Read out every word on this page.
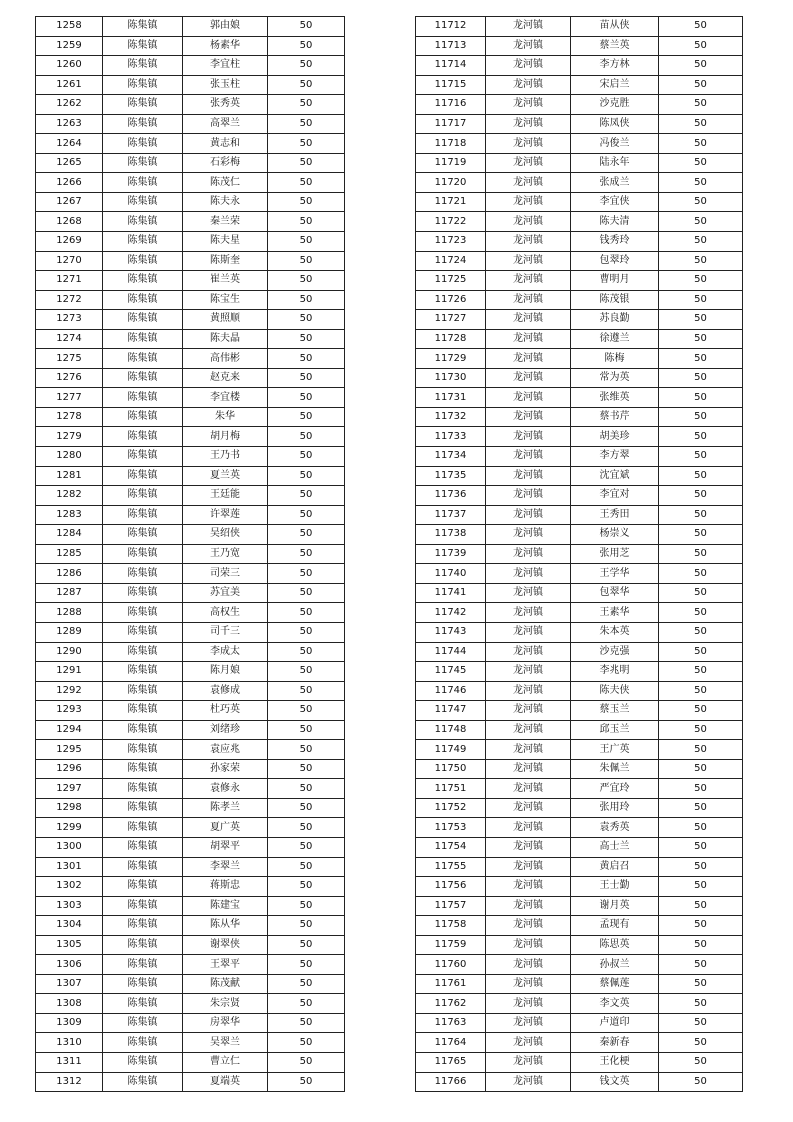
1258	陈集镇	郭由娘	50
1259	陈集镇	杨素华	50
1260	陈集镇	李宜柱	50
1261	陈集镇	张玉柱	50
1262	陈集镇	张秀英	50
1263	陈集镇	高翠兰	50
1264	陈集镇	黄志和	50
1265	陈集镇	石彩梅	50
1266	陈集镇	陈茂仁	50
1267	陈集镇	陈夫永	50
1268	陈集镇	秦兰荣	50
1269	陈集镇	陈夫星	50
1270	陈集镇	陈斯奎	50
1271	陈集镇	崔兰英	50
1272	陈集镇	陈宝生	50
1273	陈集镇	黄照顺	50
1274	陈集镇	陈夫晶	50
1275	陈集镇	高伟彬	50
1276	陈集镇	赵克来	50
1277	陈集镇	李宜楼	50
1278	陈集镇	朱华	50
1279	陈集镇	胡月梅	50
1280	陈集镇	王乃书	50
1281	陈集镇	夏兰英	50
1282	陈集镇	王廷能	50
1283	陈集镇	许翠莲	50
1284	陈集镇	吴绍侠	50
1285	陈集镇	王乃宽	50
1286	陈集镇	司荣三	50
1287	陈集镇	苏宜美	50
1288	陈集镇	高权生	50
1289	陈集镇	司千三	50
1290	陈集镇	李成太	50
1291	陈集镇	陈月娘	50
1292	陈集镇	袁修成	50
1293	陈集镇	杜巧英	50
1294	陈集镇	刘绪珍	50
1295	陈集镇	袁应兆	50
1296	陈集镇	孙家荣	50
1297	陈集镇	袁修永	50
1298	陈集镇	陈孝兰	50
1299	陈集镇	夏广英	50
1300	陈集镇	胡翠平	50
1301	陈集镇	李翠兰	50
1302	陈集镇	蒋斯忠	50
1303	陈集镇	陈建宝	50
1304	陈集镇	陈从华	50
1305	陈集镇	谢翠侠	50
1306	陈集镇	王翠平	50
1307	陈集镇	陈茂献	50
1308	陈集镇	朱宗贤	50
1309	陈集镇	房翠华	50
1310	陈集镇	吴翠兰	50
1311	陈集镇	曹立仁	50
1312	陈集镇	夏端英	50
11712	龙河镇	苗从侠	50
11713	龙河镇	蔡兰英	50
11714	龙河镇	李方林	50
11715	龙河镇	宋启兰	50
11716	龙河镇	沙克胜	50
11717	龙河镇	陈凤侠	50
11718	龙河镇	冯俊兰	50
11719	龙河镇	陆永年	50
11720	龙河镇	张成兰	50
11721	龙河镇	李宜侠	50
11722	龙河镇	陈夫清	50
11723	龙河镇	钱秀玲	50
11724	龙河镇	包翠玲	50
11725	龙河镇	曹明月	50
11726	龙河镇	陈茂银	50
11727	龙河镇	苏良勤	50
11728	龙河镇	徐遵兰	50
11729	龙河镇	陈梅	50
11730	龙河镇	常为英	50
11731	龙河镇	张维英	50
11732	龙河镇	蔡书芹	50
11733	龙河镇	胡美珍	50
11734	龙河镇	李方翠	50
11735	龙河镇	沈宜斌	50
11736	龙河镇	李宜对	50
11737	龙河镇	王秀田	50
11738	龙河镇	杨崇义	50
11739	龙河镇	张用芝	50
11740	龙河镇	王学华	50
11741	龙河镇	包翠华	50
11742	龙河镇	王素华	50
11743	龙河镇	朱本英	50
11744	龙河镇	沙克强	50
11745	龙河镇	李兆明	50
11746	龙河镇	陈夫侠	50
11747	龙河镇	蔡玉兰	50
11748	龙河镇	邱玉兰	50
11749	龙河镇	王广英	50
11750	龙河镇	朱佩兰	50
11751	龙河镇	严宜玲	50
11752	龙河镇	张用玲	50
11753	龙河镇	袁秀英	50
11754	龙河镇	高士兰	50
11755	龙河镇	黄启召	50
11756	龙河镇	王士勤	50
11757	龙河镇	谢月英	50
11758	龙河镇	孟现有	50
11759	龙河镇	陈思英	50
11760	龙河镇	孙叔兰	50
11761	龙河镇	蔡佩莲	50
11762	龙河镇	李文英	50
11763	龙河镇	卢道印	50
11764	龙河镇	秦新春	50
11765	龙河镇	王化梗	50
11766	龙河镇	钱文英	50
